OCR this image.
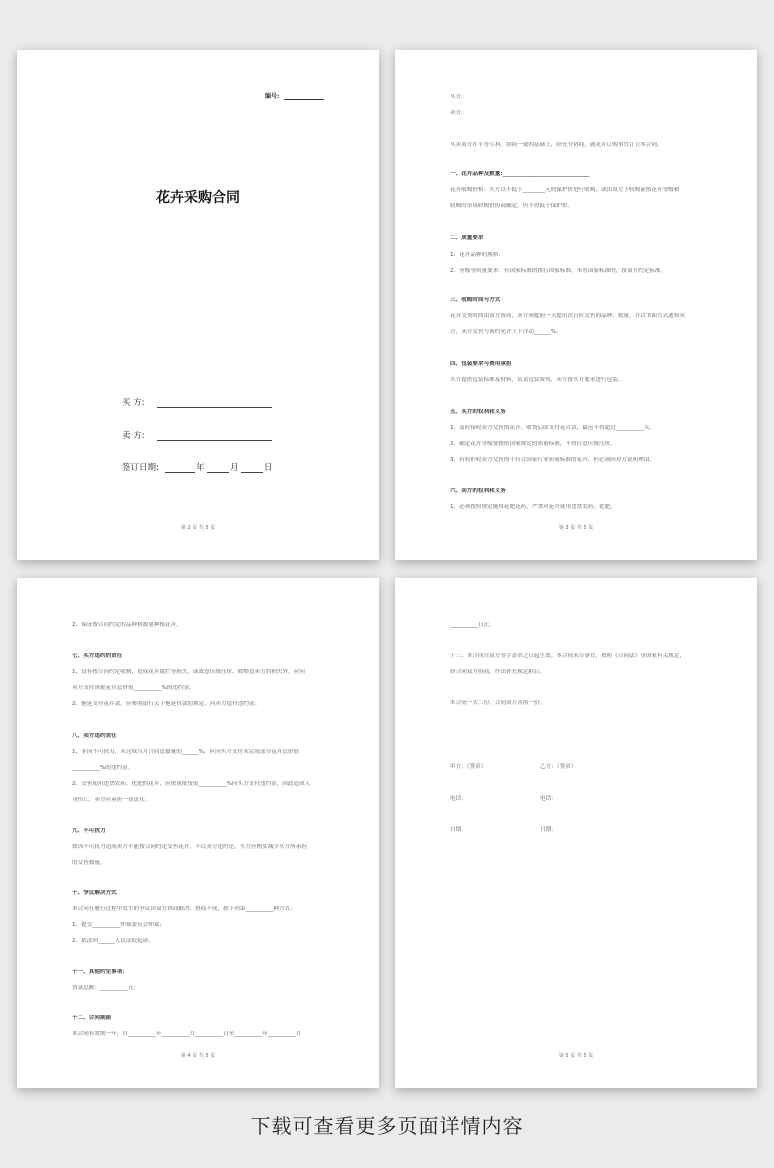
编号:
花卉采购合同
买 方:
卖 方:
签订日期:	年	月	日
第 2 页 共 5 页
买方:
卖方:
买卖双方在平等互利、协商一致的基础上，经充分协商，就花卉订购事宜订立本合同。
一、花卉品种及数量:_______________________________
花卉收购价格：买方以不低于________元的保护价进行收购，或由双方于收购前按花卉等级和
收购时市场收购价协商确定，但不得低于保护价。
二、质量要求
1、花卉品种的规格：
2、等级等质量要求：有国家标准的执行国家标准，未有国家标准的，按双方约定标准。
三、收购时间与方式
花卉交货时间由双方协商，卖方须提前一天提出次日应交售的品种、数量，并以书面方式通知卖
方，卖方交售与预约允许上下浮动______%。
四、包装要求与费用承担
买方提供包装标准及材料，负责包装费用，卖方按买方要求进行包装。
五、买方的权利和义务
1、及时接收卖方交售的花卉，收货后即支付花卉款，最迟不得超过__________天。
2、确定花卉等级要按照国家规定的质量标准，不得任意压级压价。
3、有权拒收卖方交售的不符合国家行业质量标准的花卉，但必须向对方说明理由。
六、卖方的权利和义务
1、必须按照规定施用花肥花药，严禁对花卉使用违禁农药、化肥。
第 3 页 共 5 页
2、保证按合同约定的品种和数量种植花卉。
七、买方违约的责任
1、没有按合同约定收购，造成花卉腐烂等损失，或故意压级压价，除赔偿卖方的损失外，应向
卖方支付该批花卉总价值__________%的违约金。
2、拖延支付花卉款，应参照银行关于拖延付款的规定，向卖方偿付违约金。
八、卖方违约责任
1、非因不可抗力，未完成当月合同总数量的______%，应向买方支付未完成部分花卉总价值
__________%的违约金。
2、交售使用违禁农药、化肥的花卉，应按该批货值__________%向买方支付违约金，因此造成人
身伤亡，卖方应承担一切责任。
九、不可抗力
如因不可抗力造成卖方不能按合同约定交售花卉，不以卖方违约论，买方应酌实减少买方所承担
的交售数量。
十、争议解决方式
本合同在履行过程中发生的争议由双方协商解决；协商不成，按下列第__________种方式：
1、提交__________仲裁委员会仲裁；
2、依法向______人民法院起诉。
十一、其他约定事项：
货款总额：__________元：
十二、合同期限
本合同有效期一年，自__________年__________月__________日至__________年__________月
第 4 页 共 5 页
__________日止。
十三、本合同自双方签字盖章之日起生效。本合同未尽事宜，按照《合同法》等国家有关规定，
经合同双方协商，作出补充规定附后。
本合同一式二份，合同双方各执一份。
甲方：（签章）	乙方：（签章）
电话：	电话：
日期：	日期：
第 5 页 共 5 页
下载可查看更多页面详情内容
